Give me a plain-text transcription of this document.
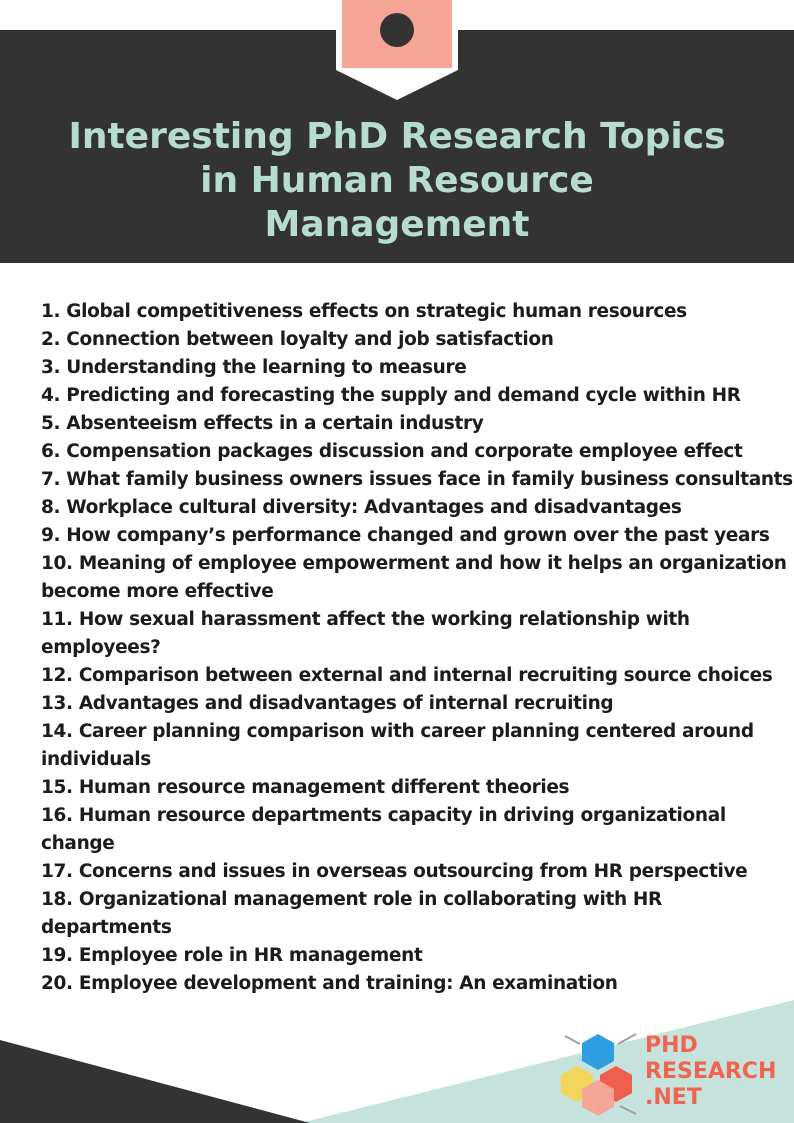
Interesting PhD Research Topics
in Human Resource
Management
1. Global competitiveness effects on strategic human resources
2. Connection between loyalty and job satisfaction
3. Understanding the learning to measure
4. Predicting and forecasting the supply and demand cycle within HR
5. Absenteeism effects in a certain industry
6. Compensation packages discussion and corporate employee effect
7. What family business owners issues face in family business consultants
8. Workplace cultural diversity: Advantages and disadvantages
9. How company’s performance changed and grown over the past years
10. Meaning of employee empowerment and how it helps an organization
become more effective
11. How sexual harassment affect the working relationship with
employees?
12. Comparison between external and internal recruiting source choices
13. Advantages and disadvantages of internal recruiting
14. Career planning comparison with career planning centered around
individuals
15. Human resource management different theories
16. Human resource departments capacity in driving organizational
change
17. Concerns and issues in overseas outsourcing from HR perspective
18. Organizational management role in collaborating with HR
departments
19. Employee role in HR management
20. Employee development and training: An examination
PHD
RESEARCH
.NET
